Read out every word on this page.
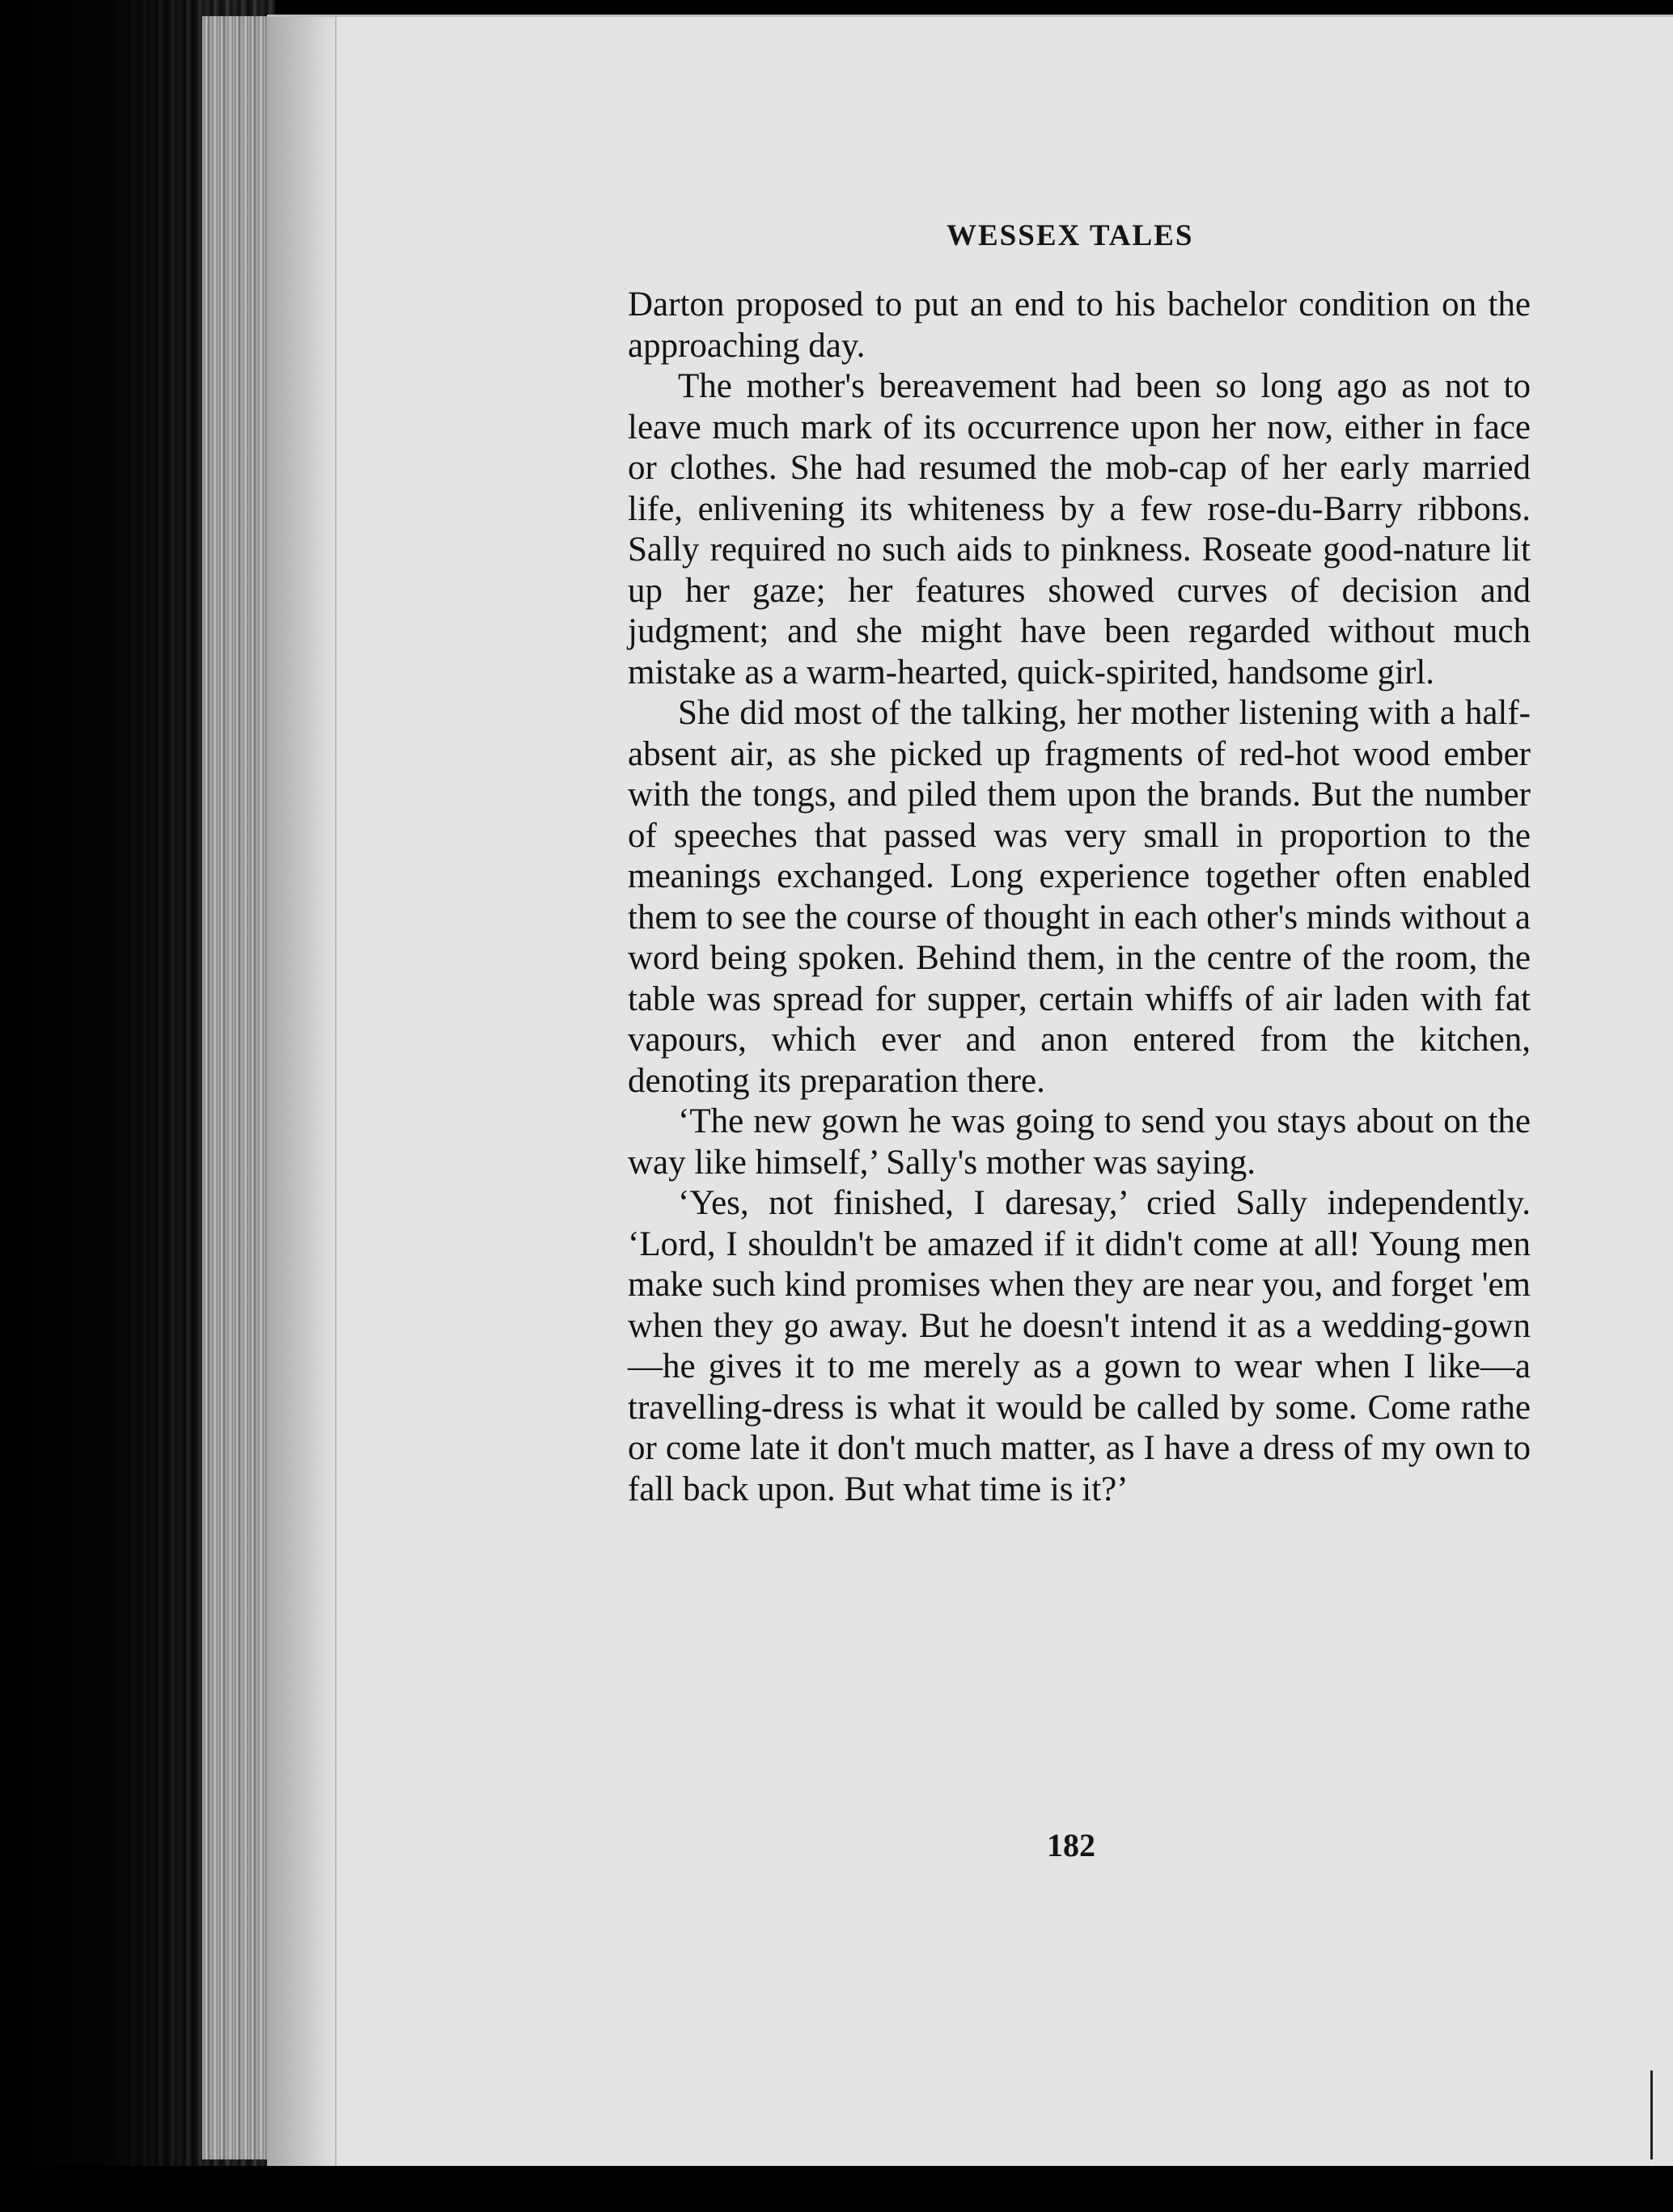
WESSEX TALES

Darton proposed to put an end to his bachelor condition on the approaching day.

The mother's bereavement had been so long ago as not to leave much mark of its occurrence upon her now, either in face or clothes. She had resumed the mob-cap of her early married life, enlivening its whiteness by a few rose-du-Barry ribbons. Sally required no such aids to pinkness. Roseate good-nature lit up her gaze; her features showed curves of decision and judgment; and she might have been regarded without much mistake as a warm-hearted, quick-spirited, handsome girl.

She did most of the talking, her mother listening with a half-absent air, as she picked up fragments of red-hot wood ember with the tongs, and piled them upon the brands. But the number of speeches that passed was very small in proportion to the meanings exchanged. Long experience together often enabled them to see the course of thought in each other's minds without a word being spoken. Behind them, in the centre of the room, the table was spread for supper, certain whiffs of air laden with fat vapours, which ever and anon entered from the kitchen, denoting its preparation there.

‘The new gown he was going to send you stays about on the way like himself,’ Sally's mother was saying.

‘Yes, not finished, I daresay,’ cried Sally independently. ‘Lord, I shouldn't be amazed if it didn't come at all! Young men make such kind promises when they are near you, and forget 'em when they go away. But he doesn't intend it as a wedding-gown—he gives it to me merely as a gown to wear when I like—a travelling-dress is what it would be called by some. Come rathe or come late it don't much matter, as I have a dress of my own to fall back upon. But what time is it?’

182
